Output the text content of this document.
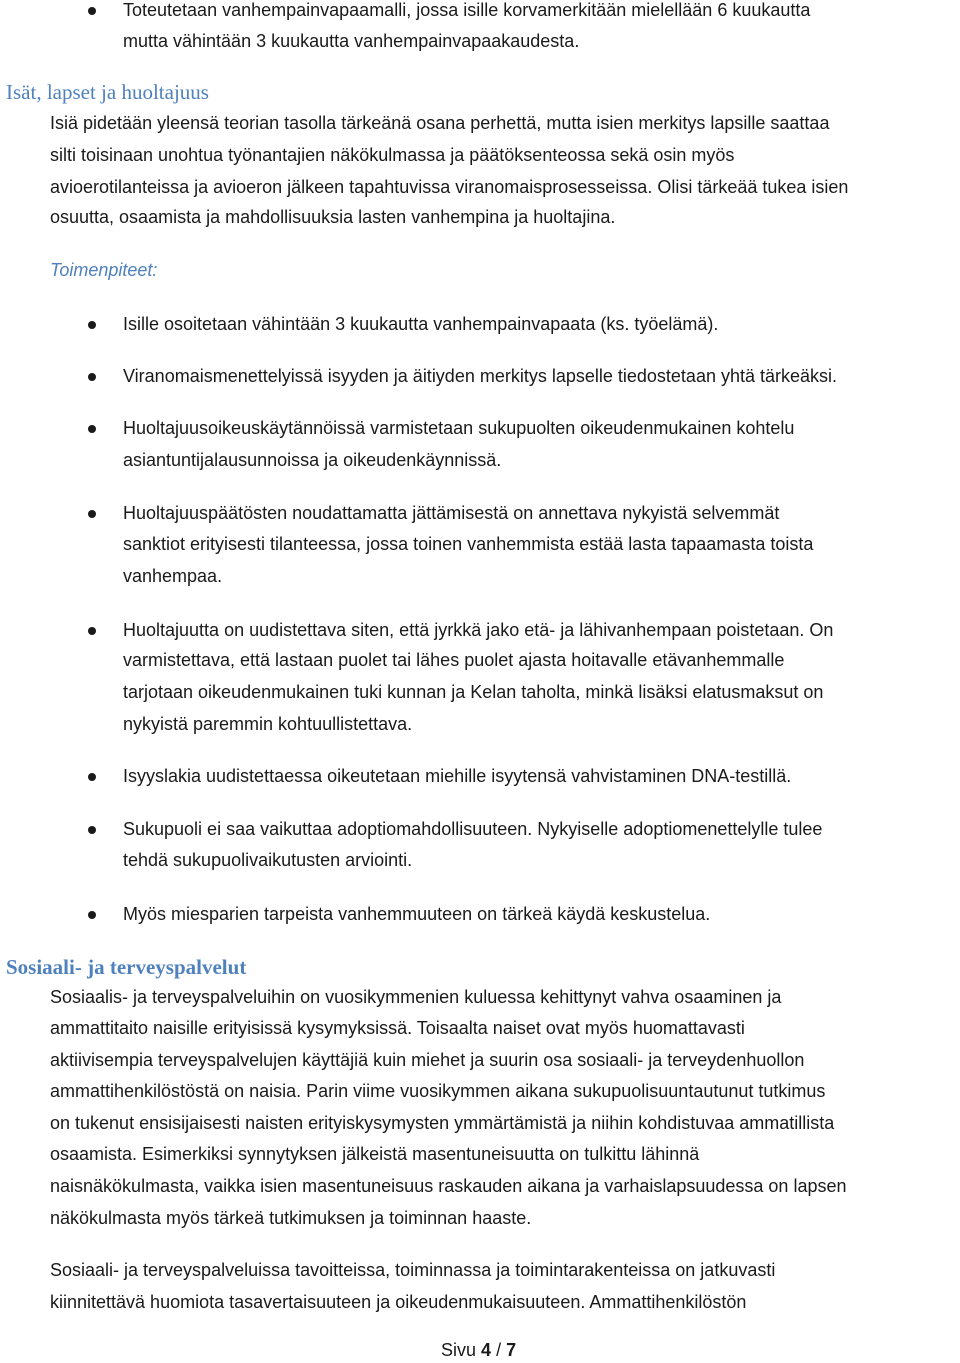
Toteutetaan vanhempainvapaamalli, jossa isille korvamerkitään mielellään 6 kuukautta
mutta vähintään 3 kuukautta vanhempainvapaakaudesta.
Isät, lapset ja huoltajuus
Isiä pidetään yleensä teorian tasolla tärkeänä osana perhettä, mutta isien merkitys lapsille saattaa
silti toisinaan unohtua työnantajien näkökulmassa ja päätöksenteossa sekä osin myös
avioerotilanteissa ja avioeron jälkeen tapahtuvissa viranomaisprosesseissa. Olisi tärkeää tukea isien
osuutta, osaamista ja mahdollisuuksia lasten vanhempina ja huoltajina.
Toimenpiteet:
Isille osoitetaan vähintään 3 kuukautta vanhempainvapaata (ks. työelämä).
Viranomaismenettelyissä isyyden ja äitiyden merkitys lapselle tiedostetaan yhtä tärkeäksi.
Huoltajuusoikeuskäytännöissä varmistetaan sukupuolten oikeudenmukainen kohtelu
asiantuntijalausunnoissa ja oikeudenkäynnissä.
Huoltajuuspäätösten noudattamatta jättämisestä on annettava nykyistä selvemmät
sanktiot erityisesti tilanteessa, jossa toinen vanhemmista estää lasta tapaamasta toista
vanhempaa.
Huoltajuutta on uudistettava siten, että jyrkkä jako etä- ja lähivanhempaan poistetaan. On
varmistettava, että lastaan puolet tai lähes puolet ajasta hoitavalle etävanhemmalle
tarjotaan oikeudenmukainen tuki kunnan ja Kelan taholta, minkä lisäksi elatusmaksut on
nykyistä paremmin kohtuullistettava.
Isyyslakia uudistettaessa oikeutetaan miehille isyytensä vahvistaminen DNA-testillä.
Sukupuoli ei saa vaikuttaa adoptiomahdollisuuteen. Nykyiselle adoptiomenettelylle tulee
tehdä sukupuolivaikutusten arviointi.
Myös miesparien tarpeista vanhemmuuteen on tärkeä käydä keskustelua.
Sosiaali- ja terveyspalvelut
Sosiaalis- ja terveyspalveluihin on vuosikymmenien kuluessa kehittynyt vahva osaaminen ja
ammattitaito naisille erityisissä kysymyksissä. Toisaalta naiset ovat myös huomattavasti
aktiivisempia terveyspalvelujen käyttäjiä kuin miehet ja suurin osa sosiaali- ja terveydenhuollon
ammattihenkilöstöstä on naisia. Parin viime vuosikymmen aikana sukupuolisuuntautunut tutkimus
on tukenut ensisijaisesti naisten erityiskysymysten ymmärtämistä ja niihin kohdistuvaa ammatillista
osaamista. Esimerkiksi synnytyksen jälkeistä masentuneisuutta on tulkittu lähinnä
naisnäkökulmasta, vaikka isien masentuneisuus raskauden aikana ja varhaislapsuudessa on lapsen
näkökulmasta myös tärkeä tutkimuksen ja toiminnan haaste.
Sosiaali- ja terveyspalveluissa tavoitteissa, toiminnassa ja toimintarakenteissa on jatkuvasti
kiinnitettävä huomiota tasavertaisuuteen ja oikeudenmukaisuuteen. Ammattihenkilöstön
Sivu 4 / 7
